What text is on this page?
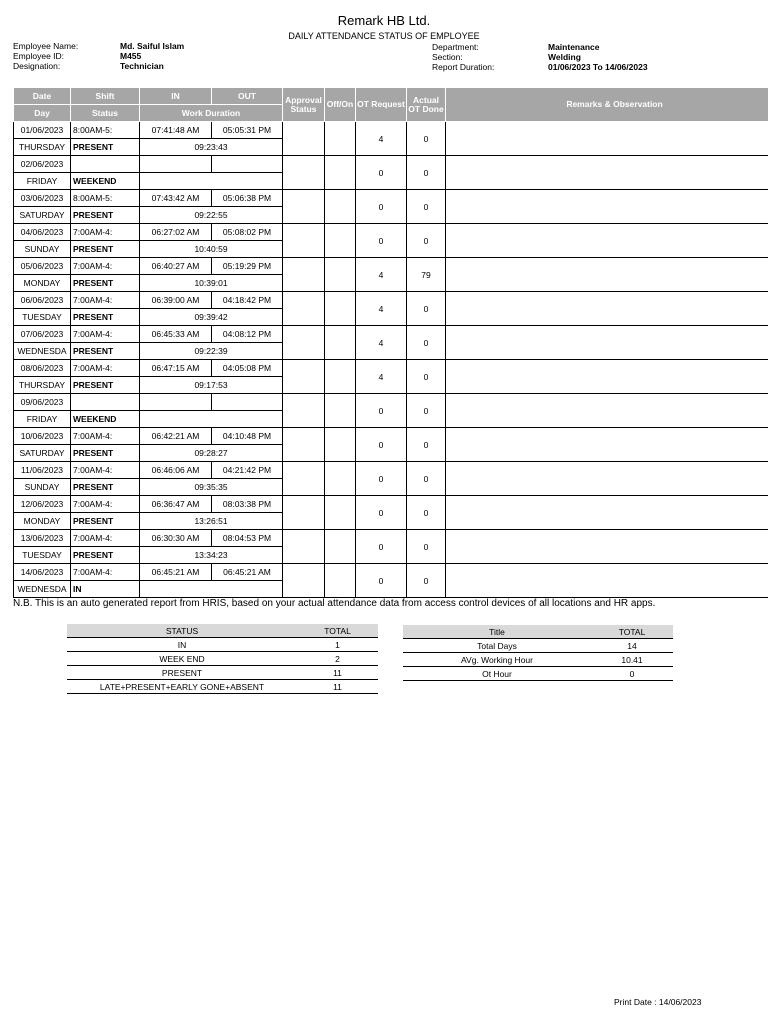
Remark HB Ltd.
DAILY ATTENDANCE STATUS OF EMPLOYEE
Employee Name:	Md. Saiful Islam
Employee ID:	M455
Designation:	Technician
Department:	Maintenance
Section:	Welding
Report Duration:	01/06/2023 To 14/06/2023
Date	Shift	IN	OUT	Approval Status	Off/On	OT Request	Actual OT Done	Remarks & Observation
Day	Status	Work Duration						
01/06/2023	8:00AM-5:	07:41:48 AM	05:05:31 PM			4	0	
THURSDAY	PRESENT	09:23:43						
02/06/2023						0	0	
FRIDAY	WEEKEND							
03/06/2023	8:00AM-5:	07:43:42 AM	05:06:38 PM			0	0	
SATURDAY	PRESENT	09:22:55						
04/06/2023	7:00AM-4:	06:27:02 AM	05:08:02 PM			0	0	
SUNDAY	PRESENT	10:40:59						
05/06/2023	7:00AM-4:	06:40:27 AM	05:19:29 PM			4	79	
MONDAY	PRESENT	10:39:01						
06/06/2023	7:00AM-4:	06:39:00 AM	04:18:42 PM			4	0	
TUESDAY	PRESENT	09:39:42						
07/06/2023	7:00AM-4:	06:45:33 AM	04:08:12 PM			4	0	
WEDNESDA	PRESENT	09:22:39						
08/06/2023	7:00AM-4:	06:47:15 AM	04:05:08 PM			4	0	
THURSDAY	PRESENT	09:17:53						
09/06/2023						0	0	
FRIDAY	WEEKEND							
10/06/2023	7:00AM-4:	06:42:21 AM	04:10:48 PM			0	0	
SATURDAY	PRESENT	09:28:27						
11/06/2023	7:00AM-4:	06:46:06 AM	04:21:42 PM			0	0	
SUNDAY	PRESENT	09:35:35						
12/06/2023	7:00AM-4:	06:36:47 AM	08:03:38 PM			0	0	
MONDAY	PRESENT	13:26:51						
13/06/2023	7:00AM-4:	06:30:30 AM	08:04:53 PM			0	0	
TUESDAY	PRESENT	13:34:23						
14/06/2023	7:00AM-4:	06:45:21 AM	06:45:21 AM			0	0	
WEDNESDA	IN							
N.B. This is an auto generated report from HRIS, based on your actual attendance data from access control devices of all locations and HR apps.
STATUS	TOTAL
IN	1
WEEK END	2
PRESENT	11
LATE+PRESENT+EARLY GONE+ABSENT	11
Title	TOTAL
Total Days	14
AVg. Working Hour	10.41
Ot Hour	0
Print Date : 14/06/2023
